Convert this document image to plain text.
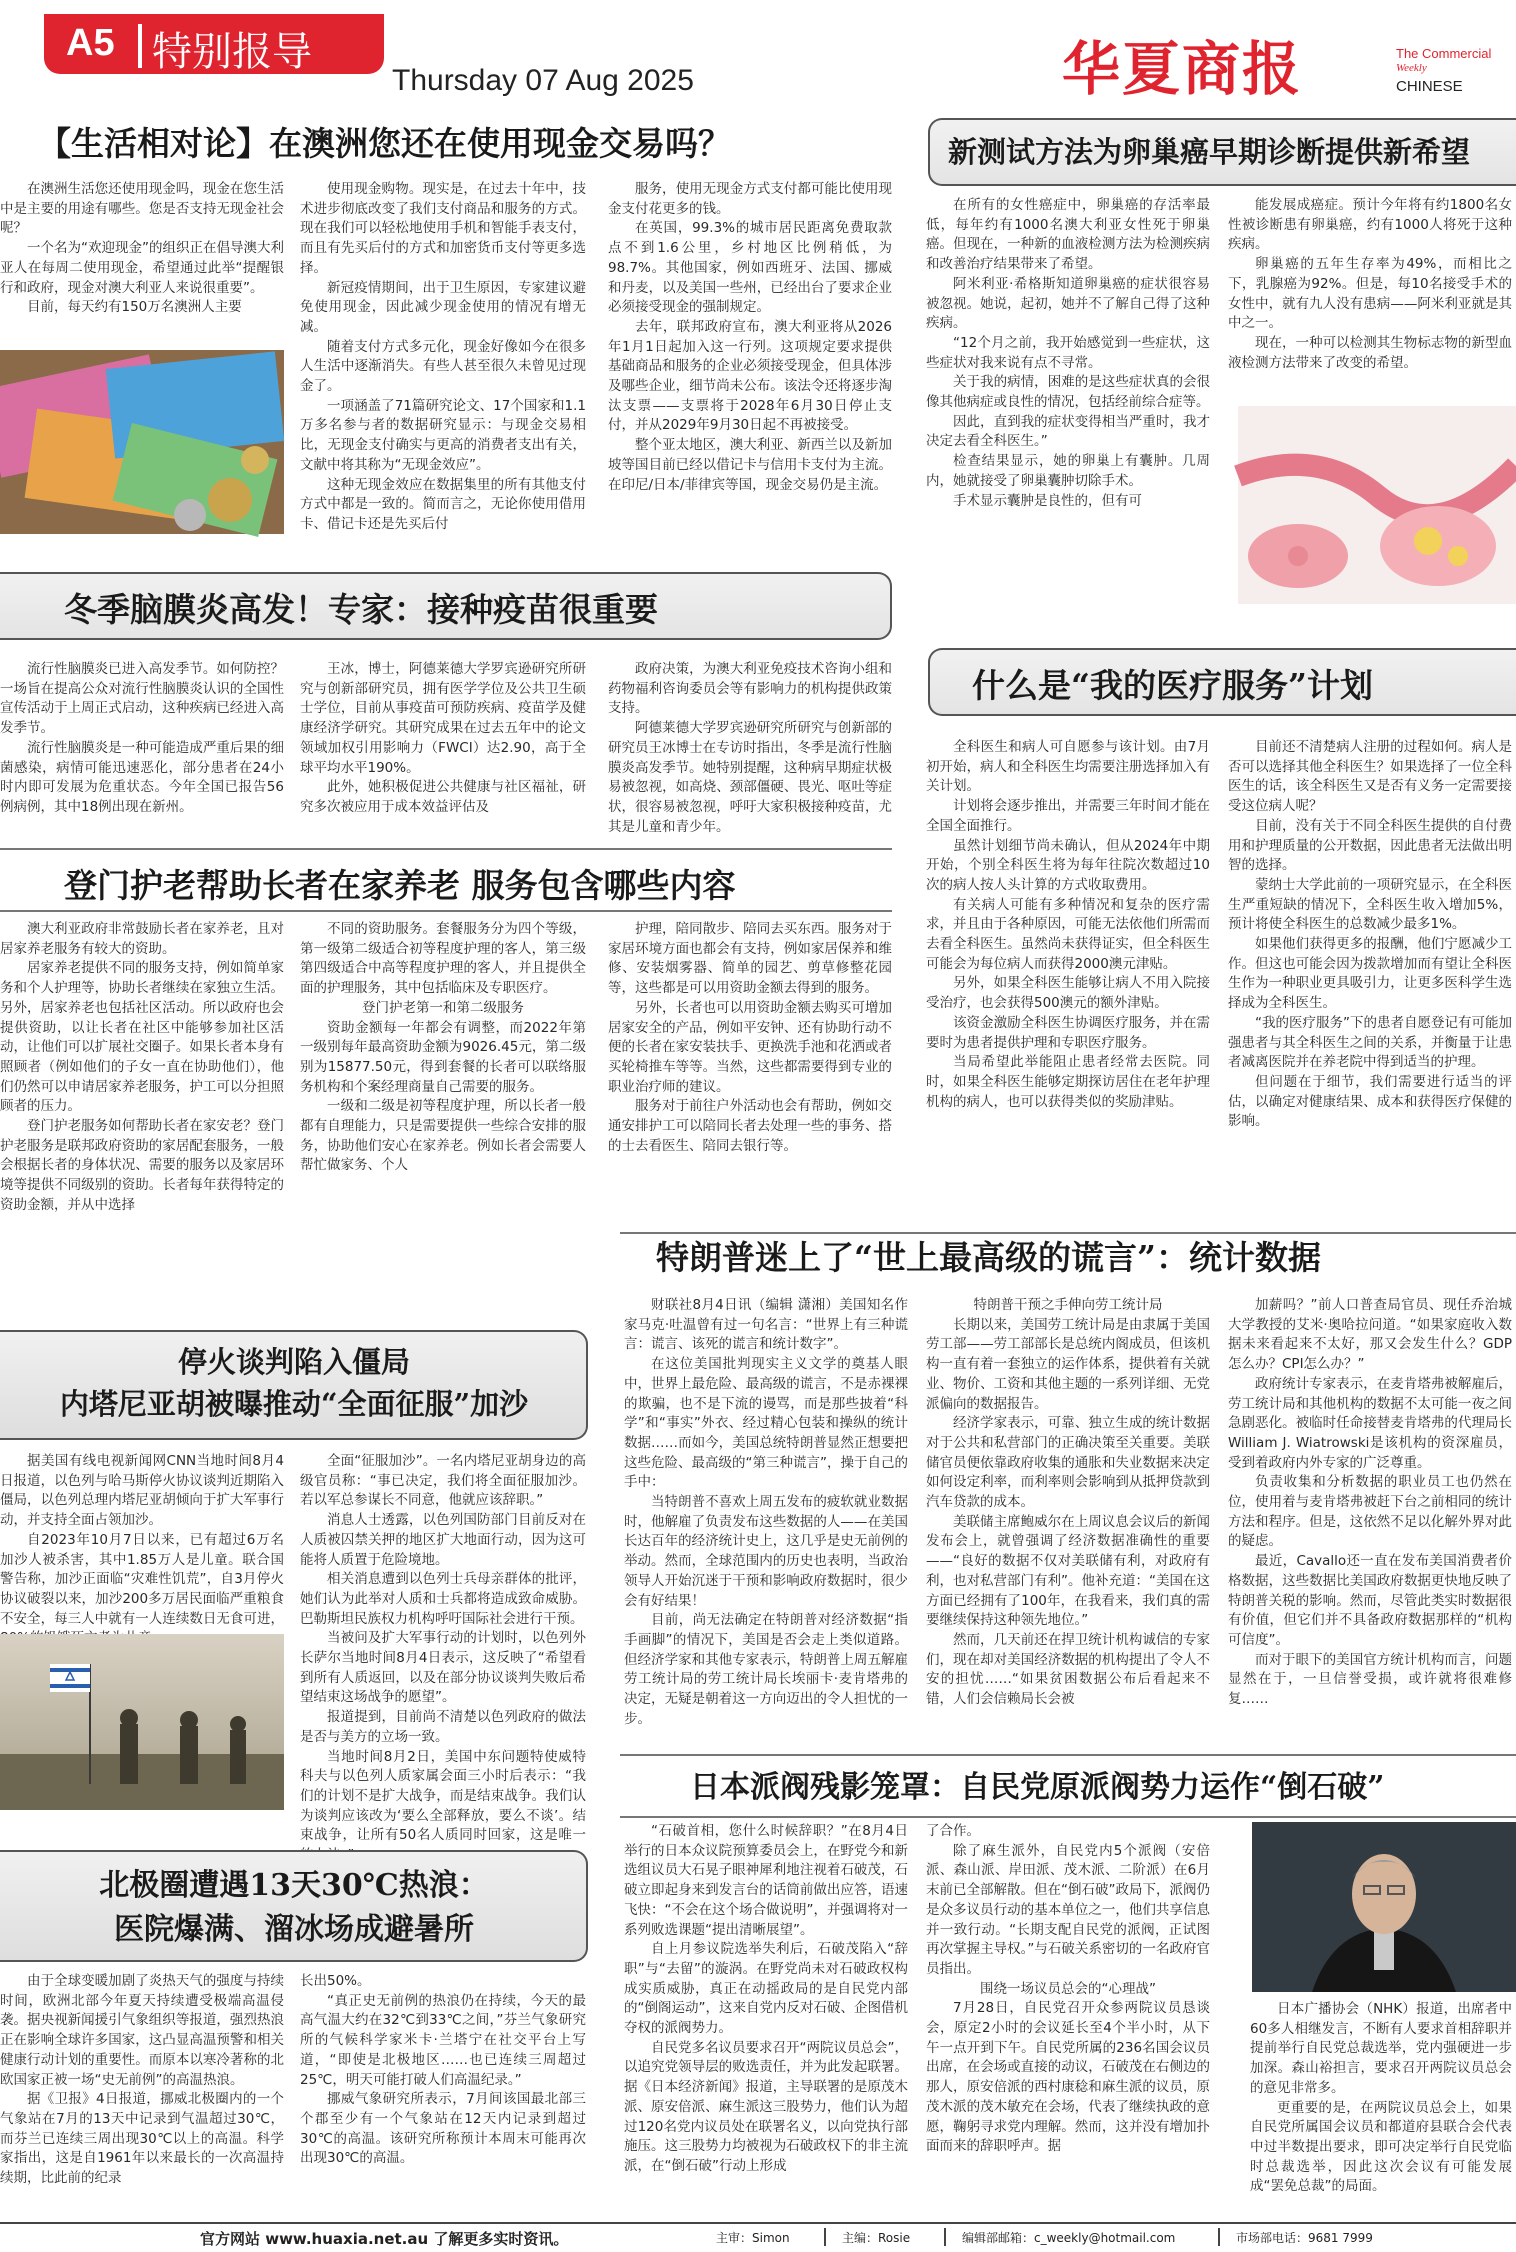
A5 特别报导
Thursday 07 Aug 2025	华夏商报	The Commercial
Weekly
CHINESE
【生活相对论】在澳洲您还在使用现金交易吗？

在澳洲生活您还使用现金吗，现金在您生活中是主要的用途有哪些。您是否支持无现金社会呢？

一个名为“欢迎现金”的组织正在倡导澳大利亚人在每周二使用现金，希望通过此举“提醒银行和政府，现金对澳大利亚人来说很重要”。

目前，每天约有150万名澳洲人主要

使用现金购物。现实是，在过去十年中，技术进步彻底改变了我们支付商品和服务的方式。现在我们可以轻松地使用手机和智能手表支付，而且有先买后付的方式和加密货币支付等更多选择。

新冠疫情期间，出于卫生原因，专家建议避免使用现金，因此减少现金使用的情况有增无减。

随着支付方式多元化，现金好像如今在很多人生活中逐渐消失。有些人甚至很久未曾见过现金了。

一项涵盖了71篇研究论文、17个国家和1.1万多名参与者的数据研究显示：与现金交易相比，无现金支付确实与更高的消费者支出有关，文献中将其称为“无现金效应”。

这种无现金效应在数据集里的所有其他支付方式中都是一致的。简而言之，无论你使用借用卡、借记卡还是先买后付

服务，使用无现金方式支付都可能比使用现金支付花更多的钱。

在英国，99.3%的城市居民距离免费取款点不到1.6公里，乡村地区比例稍低，为98.7%。其他国家，例如西班牙、法国、挪威和丹麦，以及美国一些州，已经出台了要求企业必须接受现金的强制规定。

去年，联邦政府宣布，澳大利亚将从2026年1月1日起加入这一行列。这项规定要求提供基础商品和服务的企业必须接受现金，但具体涉及哪些企业，细节尚未公布。该法令还将逐步淘汰支票——支票将于2028年6月30日停止支付，并从2029年9月30日起不再被接受。

整个亚太地区，澳大利亚、新西兰以及新加坡等国目前已经以借记卡与信用卡支付为主流。在印尼/日本/菲律宾等国，现金交易仍是主流。

新测试方法为卵巢癌早期诊断提供新希望

在所有的女性癌症中，卵巢癌的存活率最低，每年约有1000名澳大利亚女性死于卵巢癌。但现在，一种新的血液检测方法为检测疾病和改善治疗结果带来了希望。

阿米利亚·希格斯知道卵巢癌的症状很容易被忽视。她说，起初，她并不了解自己得了这种疾病。

“12个月之前，我开始感觉到一些症状，这些症状对我来说有点不寻常。

关于我的病情，困难的是这些症状真的会很像其他病症或良性的情况，包括经前综合症等。

因此，直到我的症状变得相当严重时，我才决定去看全科医生。”

检查结果显示，她的卵巢上有囊肿。几周内，她就接受了卵巢囊肿切除手术。

手术显示囊肿是良性的，但有可

能发展成癌症。预计今年将有约1800名女性被诊断患有卵巢癌，约有1000人将死于这种疾病。

卵巢癌的五年生存率为49%，而相比之下，乳腺癌为92%。但是，每10名接受手术的女性中，就有九人没有患病——阿米利亚就是其中之一。

现在，一种可以检测其生物标志物的新型血液检测方法带来了改变的希望。

冬季脑膜炎高发！专家：接种疫苗很重要

流行性脑膜炎已进入高发季节。如何防控？一场旨在提高公众对流行性脑膜炎认识的全国性宣传活动于上周正式启动，这种疾病已经进入高发季节。

流行性脑膜炎是一种可能造成严重后果的细菌感染，病情可能迅速恶化，部分患者在24小时内即可发展为危重状态。今年全国已报告56例病例，其中18例出现在新州。

王冰，博士，阿德莱德大学罗宾逊研究所研究与创新部研究员，拥有医学学位及公共卫生硕士学位，目前从事疫苗可预防疾病、疫苗学及健康经济学研究。其研究成果在过去五年中的论文领域加权引用影响力（FWCI）达2.90，高于全球平均水平190%。

此外，她积极促进公共健康与社区福祉，研究多次被应用于成本效益评估及

政府决策，为澳大利亚免疫技术咨询小组和药物福利咨询委员会等有影响力的机构提供政策支持。

阿德莱德大学罗宾逊研究所研究与创新部的研究员王冰博士在专访时指出，冬季是流行性脑膜炎高发季节。她特别提醒，这种病早期症状极易被忽视，如高烧、颈部僵硬、畏光、呕吐等症状，很容易被忽视，呼吁大家积极接种疫苗，尤其是儿童和青少年。

什么是“我的医疗服务”计划

全科医生和病人可自愿参与该计划。由7月初开始，病人和全科医生均需要注册选择加入有关计划。

计划将会逐步推出，并需要三年时间才能在全国全面推行。

虽然计划细节尚未确认，但从2024年中期开始，个别全科医生将为每年往院次数超过10次的病人按人头计算的方式收取费用。

有关病人可能有多种情况和复杂的医疗需求，并且由于各种原因，可能无法依他们所需而去看全科医生。虽然尚未获得证实，但全科医生可能会为每位病人而获得2000澳元津贴。

另外，如果全科医生能够让病人不用入院接受治疗，也会获得500澳元的额外津贴。

该资金激励全科医生协调医疗服务，并在需要时为患者提供护理和专职医疗服务。

当局希望此举能阻止患者经常去医院。同时，如果全科医生能够定期探访居住在老年护理机构的病人，也可以获得类似的奖励津贴。

目前还不清楚病人注册的过程如何。病人是否可以选择其他全科医生？如果选择了一位全科医生的话，该全科医生又是否有义务一定需要接受这位病人呢？

目前，没有关于不同全科医生提供的自付费用和护理质量的公开数据，因此患者无法做出明智的选择。

蒙纳士大学此前的一项研究显示，在全科医生严重短缺的情况下，全科医生收入增加5%，预计将使全科医生的总数减少最多1%。

如果他们获得更多的报酬，他们宁愿减少工作。但这也可能会因为拨款增加而有望让全科医生作为一种职业更具吸引力，让更多医科学生选择成为全科医生。

“我的医疗服务”下的患者自愿登记有可能加强患者与其全科医生之间的关系，并衡量于让患者减离医院并在养老院中得到适当的护理。

但问题在于细节，我们需要进行适当的评估，以确定对健康结果、成本和获得医疗保健的影响。

登门护老帮助长者在家养老 服务包含哪些内容

澳大利亚政府非常鼓励长者在家养老，且对居家养老服务有较大的资助。

居家养老提供不同的服务支持，例如简单家务和个人护理等，协助长者继续在家独立生活。另外，居家养老也包括社区活动。所以政府也会提供资助，以让长者在社区中能够参加社区活动，让他们可以扩展社交圈子。如果长者本身有照顾者（例如他们的子女一直在协助他们），他们仍然可以申请居家养老服务，护工可以分担照顾者的压力。

登门护老服务如何帮助长者在家安老？登门护老服务是联邦政府资助的家居配套服务，一般会根据长者的身体状况、需要的服务以及家居环境等提供不同级别的资助。长者每年获得特定的资助金额，并从中选择

不同的资助服务。套餐服务分为四个等级，第一级第二级适合初等程度护理的客人，第三级第四级适合中高等程度护理的客人，并且提供全面的护理服务，其中包括临床及专职医疗。

登门护老第一和第二级服务

资助金额每一年都会有调整，而2022年第一级别每年最高资助金额为9026.45元，第二级别为15877.50元，得到套餐的长者可以联络服务机构和个案经理商量自己需要的服务。

一级和二级是初等程度护理，所以长者一般都有自理能力，只是需要提供一些综合安排的服务，协助他们安心在家养老。例如长者会需要人帮忙做家务、个人

护理，陪同散步、陪同去买东西。服务对于家居环境方面也都会有支持，例如家居保养和维修、安装烟雾器、简单的园艺、剪草修整花园等，这些都是可以用资助金额去得到的服务。

另外，长者也可以用资助金额去购买可增加居家安全的产品，例如平安钟、还有协助行动不便的长者在家安装扶手、更换洗手池和花洒或者买轮椅推车等等。当然，这些都需要得到专业的职业治疗师的建议。

服务对于前往户外活动也会有帮助，例如交通安排护工可以陪同长者去处理一些的事务、搭的士去看医生、陪同去银行等。

停火谈判陷入僵局
内塔尼亚胡被曝推动“全面征服”加沙

据美国有线电视新闻网CNN当地时间8月4日报道，以色列与哈马斯停火协议谈判近期陷入僵局，以色列总理内塔尼亚胡倾向于扩大军事行动，并支持全面占领加沙。

自2023年10月7日以来，已有超过6万名加沙人被杀害，其中1.85万人是儿童。联合国警告称，加沙正面临“灾难性饥荒”，自3月停火协议破裂以来，加沙200多万居民面临严重粮食不安全，每三人中就有一人连续数日无食可进，

全面“征服加沙”。一名内塔尼亚胡身边的高级官员称：“事已决定，我们将全面征服加沙。若以军总参谋长不同意，他就应该辞职。”

消息人士透露，以色列国防部门目前反对在人质被囚禁关押的地区扩大地面行动，因为这可能将人质置于危险境地。

相关消息遭到以色列士兵母亲群体的批评，她们认为此举对人质和士兵都将造成致命威胁。巴勒斯坦民族权力机构呼吁国际社会进行干预。

当被问及扩大军事行动的计划时，以色列外长萨尔当地时间8月4日表示，这反映了“希望看到所有人质返回，以及在部分协议谈判失败后希望结束这场战争的愿望”。

报道提到，目前尚不清楚以色列政府的做法是否与美方的立场一致。

当地时间8月2日，美国中东问题特使威特科夫与以色列人质家属会面三小时后表示：“我们的计划不是扩大战争，而是结束战争。我们认为谈判应该改为‘要么全部释放，要么不谈’。结束战争，让所有50名人质同时回家，这是唯一

特朗普迷上了“世上最高级的谎言”：统计数据

财联社8月4日讯（编辑 潇湘）美国知名作家马克·吐温曾有过一句名言：“世界上有三种谎言：谎言、该死的谎言和统计数字”。

在这位美国批判现实主义文学的奠基人眼中，世界上最危险、最高级的谎言，不是赤裸裸的欺骗，也不是下流的谩骂，而是那些披着“科学”和“事实”外衣、经过精心包装和操纵的统计数据……而如今，美国总统特朗普显然正想要把这些危险、最高级的“第三种谎言”，操于自己的手中：

当特朗普不喜欢上周五发布的疲软就业数据时，他解雇了负责发布这些数据的人——在美国长达百年的经济统计史上，这几乎是史无前例的举动。然而，全球范围内的历史也表明，当政治领导人开始沉迷于干预和影响政府数据时，很少会有好结果！

目前，尚无法确定在特朗普对经济数据“指手画脚”的情况下，美国是否会走上类似道路。但经济学家和其他专家表示，特朗普上周五解雇劳工统计局的劳工统计局长埃丽卡·麦肯塔弗的决定，无疑是朝着这一方向迈出的令人担忧的一步。

特朗普干预之手伸向劳工统计局

长期以来，美国劳工统计局是由隶属于美国劳工部——劳工部部长是总统内阁成员，但该机构一直有着一套独立的运作体系，提供着有关就业、物价、工资和其他主题的一系列详细、无党派偏向的数据报告。

经济学家表示，可靠、独立生成的统计数据对于公共和私营部门的正确决策至关重要。美联储官员便依靠政府收集的通胀和失业数据来决定如何设定利率，而利率则会影响到从抵押贷款到汽车贷款的成本。

美联储主席鲍威尔在上周议息会议后的新闻发布会上，就曾强调了经济数据准确性的重要——“良好的数据不仅对美联储有利，对政府有利，也对私营部门有利”。他补充道：“美国在这方面已经拥有了100年，在我看来，我们真的需要继续保持这种领先地位。”

然而，几天前还在捍卫统计机构诚信的专家们，现在却对美国经济数据的机构提出了令人不安的担忧……“如果贫困数据公布后看起来不错，人们会信赖局长会被

加薪吗？”前人口普查局官员、现任乔治城大学教授的艾米·奥哈拉问道。“如果家庭收入数据未来看起来不太好，那又会发生什么？GDP怎么办？CPI怎么办？”

政府统计专家表示，在麦肯塔弗被解雇后，劳工统计局和其他机构的数据不太可能一夜之间急剧恶化。被临时任命接替麦肯塔弗的代理局长William J. Wiatrowski是该机构的资深雇员，受到着政府内外专家的广泛尊重。

负责收集和分析数据的职业员工也仍然在位，使用着与麦肯塔弗被赶下台之前相同的统计方法和程序。但是，这依然不足以化解外界对此的疑虑。

最近，Cavallo还一直在发布美国消费者价格数据，这些数据比美国政府数据更快地反映了特朗普关税的影响。然而，尽管此类实时数据很有价值，但它们并不具备政府数据那样的“机构可信度”。

而对于眼下的美国官方统计机构而言，问题显然在于，一旦信誉受损，或许就将很难修复……

日本派阀残影笼罩：自民党原派阀势力运作“倒石破”

“石破首相，您什么时候辞职？”在8月4日举行的日本众议院预算委员会上，在野党今和新选组议员大石晃子眼神犀利地注视着石破茂，石破立即起身来到发言台的话筒前做出应答，语速飞快：“不会在这个场合做说明”，并强调将对一系列败选课题“提出清晰展望”。

自上月参议院选举失利后，石破茂陷入“辞职”与“去留”的漩涡。在野党尚未对石破政权构成实质威胁，真正在动摇政局的是自民党内部的“倒阁运动”，这来自党内反对石破、企图借机夺权的派阀势力。

自民党多名议员要求召开“两院议员总会”，以追究党领导层的败选责任，并为此发起联署。据《日本经济新闻》报道，主导联署的是原茂木派、原安倍派、麻生派这三股势力，他们认为超过120名党内议员处在联署名义，以向党执行部施压。这三股势力均被视为石破政权下的非主流派，在“倒石破”行动上形成

了合作。

除了麻生派外，自民党内5个派阀（安倍派、森山派、岸田派、茂木派、二阶派）在6月末前已全部解散。但在“倒石破”政局下，派阀仍是众多议员行动的基本单位之一，他们共享信息并一致行动。“长期支配自民党的派阀，正试图再次掌握主导权。”与石破关系密切的一名政府官员指出。

围绕一场议员总会的“心理战”

7月28日，自民党召开众参两院议员恳谈会，原定2小时的会议延长至4个半小时，从下午一点开到下午。自民党所属的236名国会议员出席，在会场或直接的动议，石破茂在右侧边的那人，原安倍派的西村康稔和麻生派的议员，原茂木派的茂木敏充在会场，代表了继续执政的意愿，鞠躬寻求党内理解。然而，这并没有增加扑面而来的辞职呼声。据

日本广播协会（NHK）报道，出席者中60多人相继发言，不断有人要求首相辞职并提前举行自民党总裁选举，党内强硬进一步加深。森山裕担言，要求召开两院议员总会的意见非常多。

更重要的是，在两院议员总会上，如果自民党所属国会议员和都道府县联合会代表中过半数提出要求，即可决定举行自民党临时总裁选举，因此这次会议有可能发展成“罢免总裁”的局面。

北极圈遭遇13天30℃热浪：
医院爆满、溜冰场成避暑所

由于全球变暖加剧了炎热天气的强度与持续时间，欧洲北部今年夏天持续遭受极端高温侵袭。据央视新闻援引气象组织等报道，强烈热浪正在影响全球许多国家，这凸显高温预警和相关健康行动计划的重要性。而原本以寒冷著称的北欧国家正被一场“史无前例”的高温热浪。

据《卫报》4日报道，挪威北极圈内的一个气象站在7月的13天中记录到气温超过30℃，而芬兰已连续三周出现30℃以上的高温。科学家指出，这是自1961年以来最长的一次高温持续期，比此前的纪录

长出50%。

“真正史无前例的热浪仍在持续，今天的最高气温大约在32℃到33℃之间，”芬兰气象研究所的气候科学家米卡·兰塔宁在社交平台上写道，“即使是北极地区……也已连续三周超过25℃，明天可能打破人们高温纪录。”

挪威气象研究所表示，7月间该国最北部三个郡至少有一个气象站在12天内记录到超过30℃的高温。该研究所称预计本周末可能再次出现30℃的高温。

官方网站 www.huaxia.net.au 了解更多实时资讯。	主审：Simon	主编：Rosie	编辑部邮箱：c_weekly@hotmail.com	市场部电话：9681 7999
